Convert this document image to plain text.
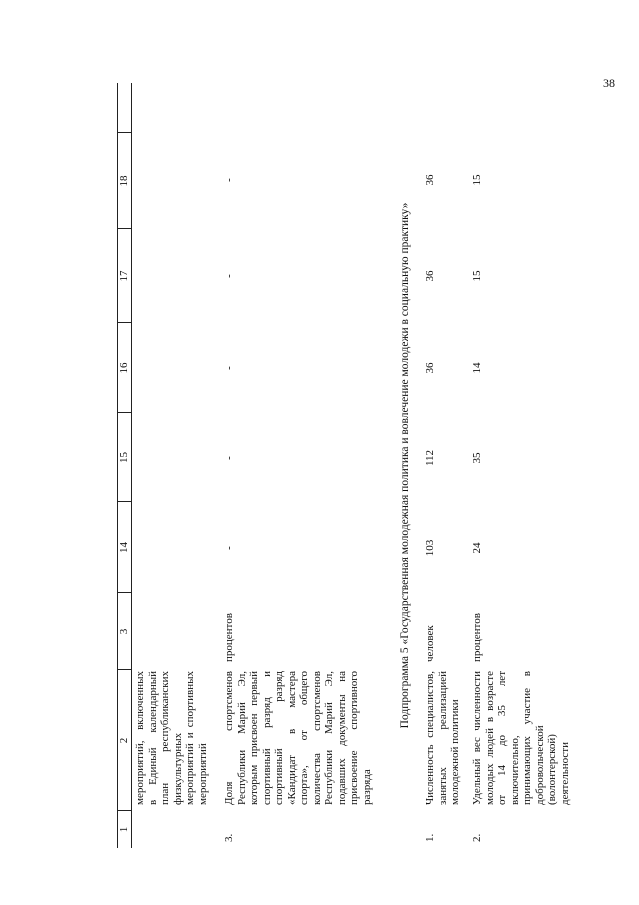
38
1
2
3
14
15
16
17
18
мероприятий, включенных в Единый календарный план республиканских физкультурных мероприятий и спортивных мероприятий
3.
Доля спортсменов Республики Марий Эл, которым присвоен первый спортивный разряд и спортивный разряд «Кандидат в мастера спорта», от общего количества спортсменов Республики Марий Эл, подавших документы на присвоение спортивного разряда
процентов
-
-
-
-
-
Подпрограмма 5 «Государственная молодежная политика и вовлечение молодежи в социальную практику»
1.
Численность специалистов, занятых реализацией молодежной политики
человек
103
112
36
36
36
2.
Удельный вес численности молодых людей в возрасте от 14 до 35 лет включительно, принимающих участие в добровольческой (волонтерской) деятельности
процентов
24
35
14
15
15
